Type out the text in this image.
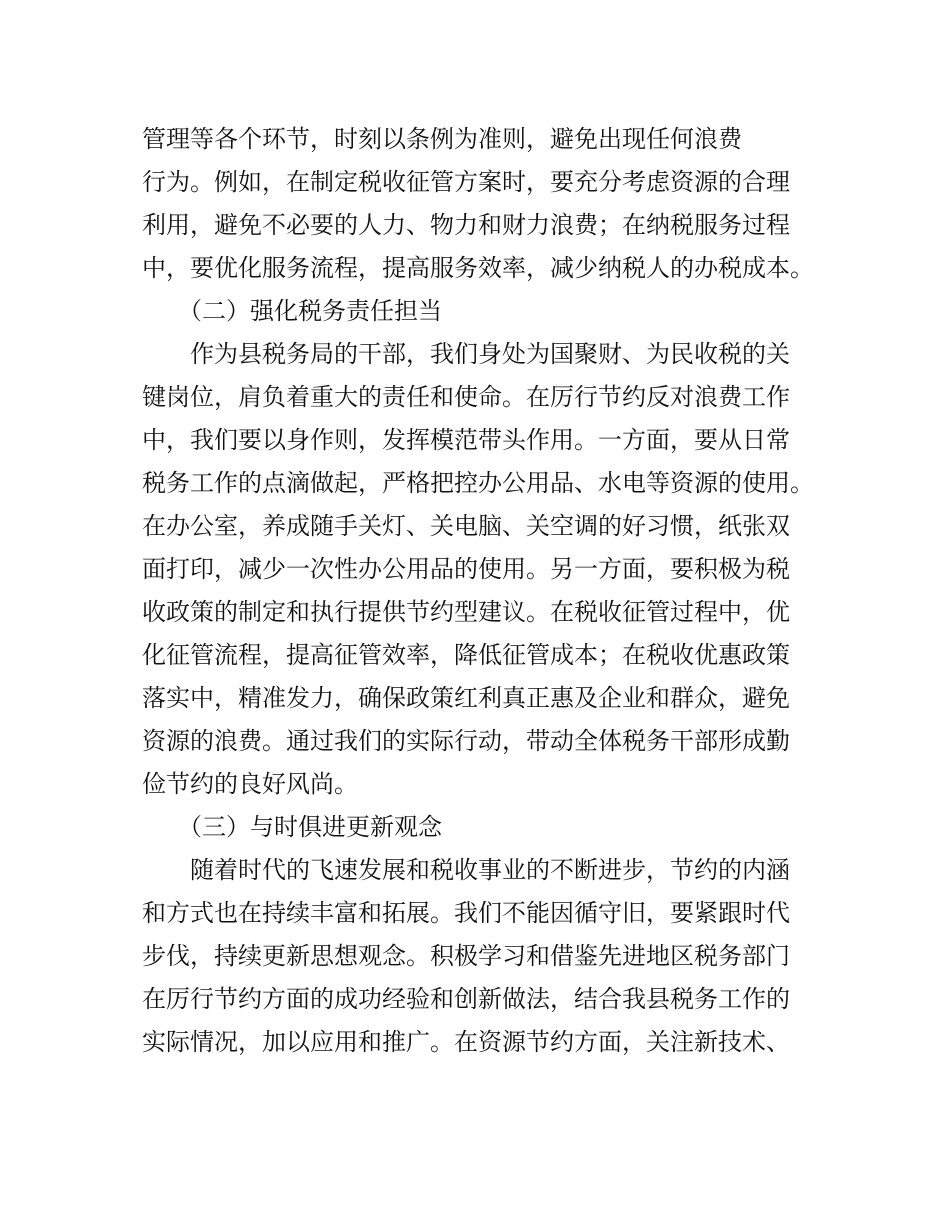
管理等各个环节，时刻以条例为准则，避免出现任何浪费
行为。例如，在制定税收征管方案时，要充分考虑资源的合理
利用，避免不必要的人力、物力和财力浪费；在纳税服务过程
中，要优化服务流程，提高服务效率，减少纳税人的办税成本。
（二）强化税务责任担当
作为县税务局的干部，我们身处为国聚财、为民收税的关
键岗位，肩负着重大的责任和使命。在厉行节约反对浪费工作
中，我们要以身作则，发挥模范带头作用。一方面，要从日常
税务工作的点滴做起，严格把控办公用品、水电等资源的使用。
在办公室，养成随手关灯、关电脑、关空调的好习惯，纸张双
面打印，减少一次性办公用品的使用。另一方面，要积极为税
收政策的制定和执行提供节约型建议。在税收征管过程中，优
化征管流程，提高征管效率，降低征管成本；在税收优惠政策
落实中，精准发力，确保政策红利真正惠及企业和群众，避免
资源的浪费。通过我们的实际行动，带动全体税务干部形成勤
俭节约的良好风尚。
（三）与时俱进更新观念
随着时代的飞速发展和税收事业的不断进步，节约的内涵
和方式也在持续丰富和拓展。我们不能因循守旧，要紧跟时代
步伐，持续更新思想观念。积极学习和借鉴先进地区税务部门
在厉行节约方面的成功经验和创新做法，结合我县税务工作的
实际情况，加以应用和推广。在资源节约方面，关注新技术、
